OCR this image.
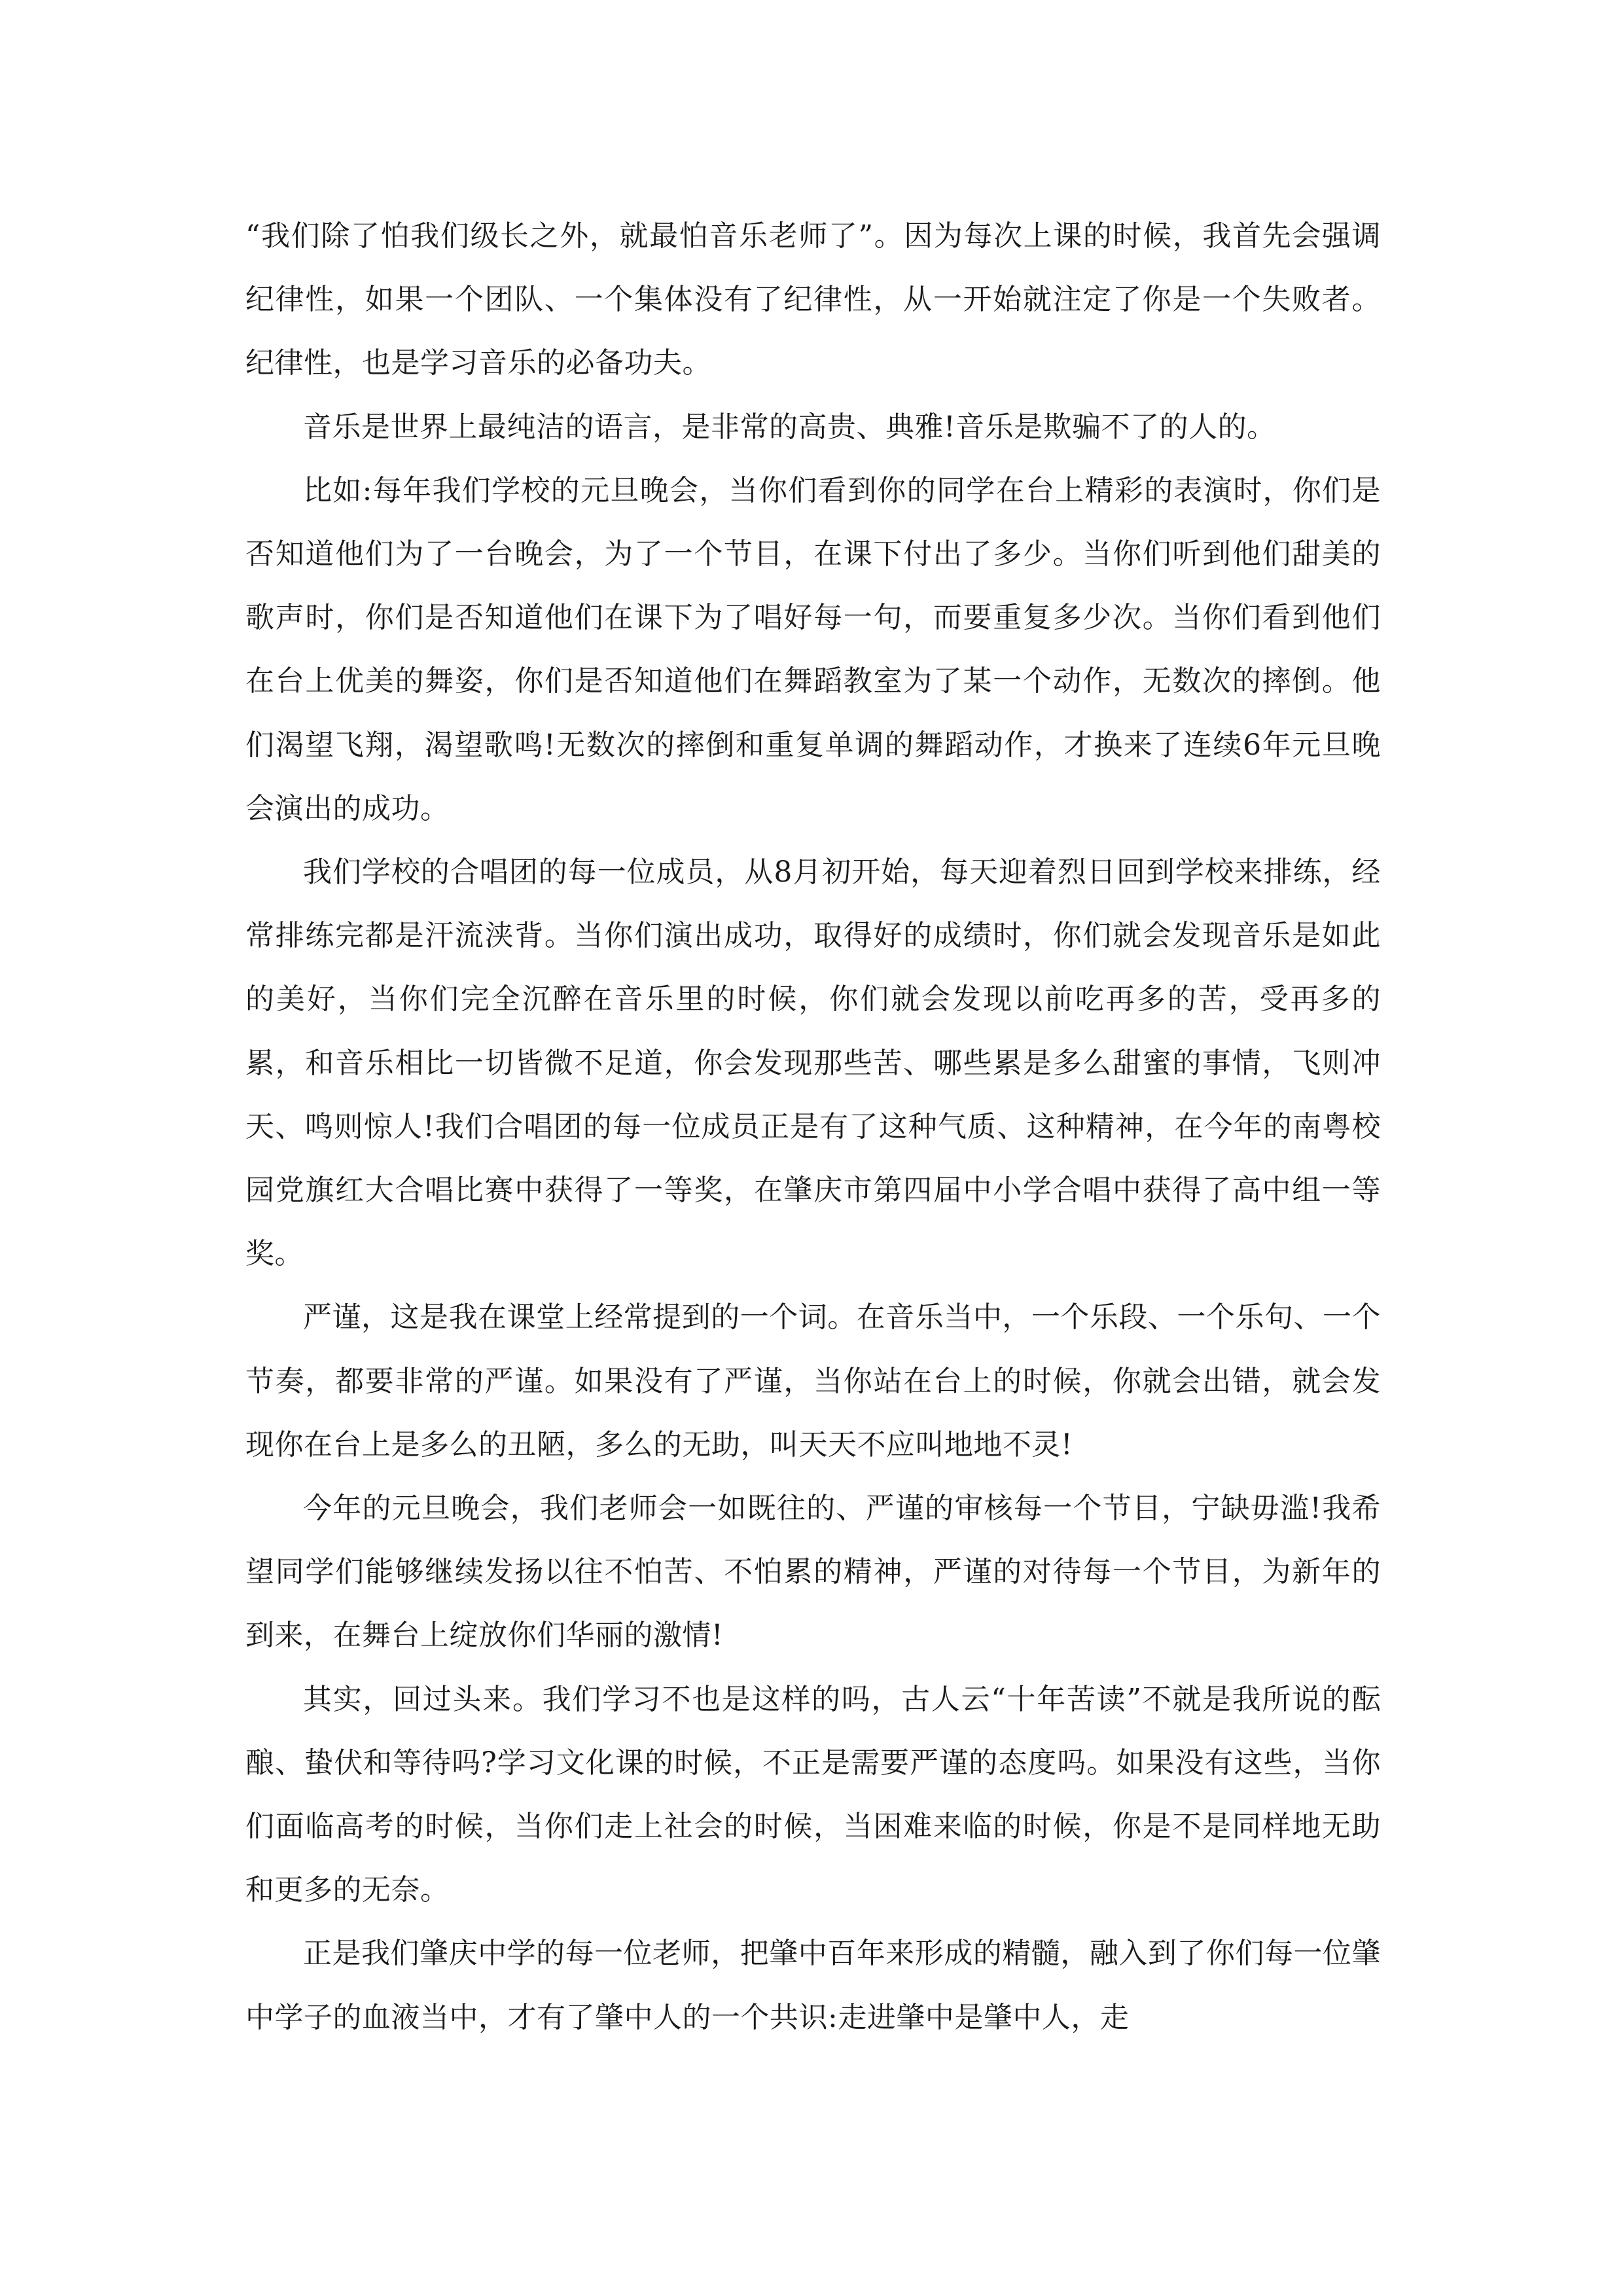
“我们除了怕我们级长之外，就最怕音乐老师了”。因为每次上课的时候，我首先会强调纪律性，如果一个团队、一个集体没有了纪律性，从一开始就注定了你是一个失败者。纪律性，也是学习音乐的必备功夫。

音乐是世界上最纯洁的语言，是非常的高贵、典雅!音乐是欺骗不了的人的。

比如:每年我们学校的元旦晚会，当你们看到你的同学在台上精彩的表演时，你们是否知道他们为了一台晚会，为了一个节目，在课下付出了多少。当你们听到他们甜美的歌声时，你们是否知道他们在课下为了唱好每一句，而要重复多少次。当你们看到他们在台上优美的舞姿，你们是否知道他们在舞蹈教室为了某一个动作，无数次的摔倒。他们渴望飞翔，渴望歌鸣!无数次的摔倒和重复单调的舞蹈动作，才换来了连续6年元旦晚会演出的成功。

我们学校的合唱团的每一位成员，从8月初开始，每天迎着烈日回到学校来排练，经常排练完都是汗流浃背。当你们演出成功，取得好的成绩时，你们就会发现音乐是如此的美好，当你们完全沉醉在音乐里的时候，你们就会发现以前吃再多的苦，受再多的累，和音乐相比一切皆微不足道，你会发现那些苦、哪些累是多么甜蜜的事情，飞则冲天、鸣则惊人!我们合唱团的每一位成员正是有了这种气质、这种精神，在今年的南粤校园党旗红大合唱比赛中获得了一等奖，在肇庆市第四届中小学合唱中获得了高中组一等奖。

严谨，这是我在课堂上经常提到的一个词。在音乐当中，一个乐段、一个乐句、一个节奏，都要非常的严谨。如果没有了严谨，当你站在台上的时候，你就会出错，就会发现你在台上是多么的丑陋，多么的无助，叫天天不应叫地地不灵!

今年的元旦晚会，我们老师会一如既往的、严谨的审核每一个节目，宁缺毋滥!我希望同学们能够继续发扬以往不怕苦、不怕累的精神，严谨的对待每一个节目，为新年的到来，在舞台上绽放你们华丽的激情!

其实，回过头来。我们学习不也是这样的吗，古人云“十年苦读”不就是我所说的酝酿、蛰伏和等待吗?学习文化课的时候，不正是需要严谨的态度吗。如果没有这些，当你们面临高考的时候，当你们走上社会的时候，当困难来临的时候，你是不是同样地无助和更多的无奈。

正是我们肇庆中学的每一位老师，把肇中百年来形成的精髓，融入到了你们每一位肇中学子的血液当中，才有了肇中人的一个共识:走进肇中是肇中人，走
